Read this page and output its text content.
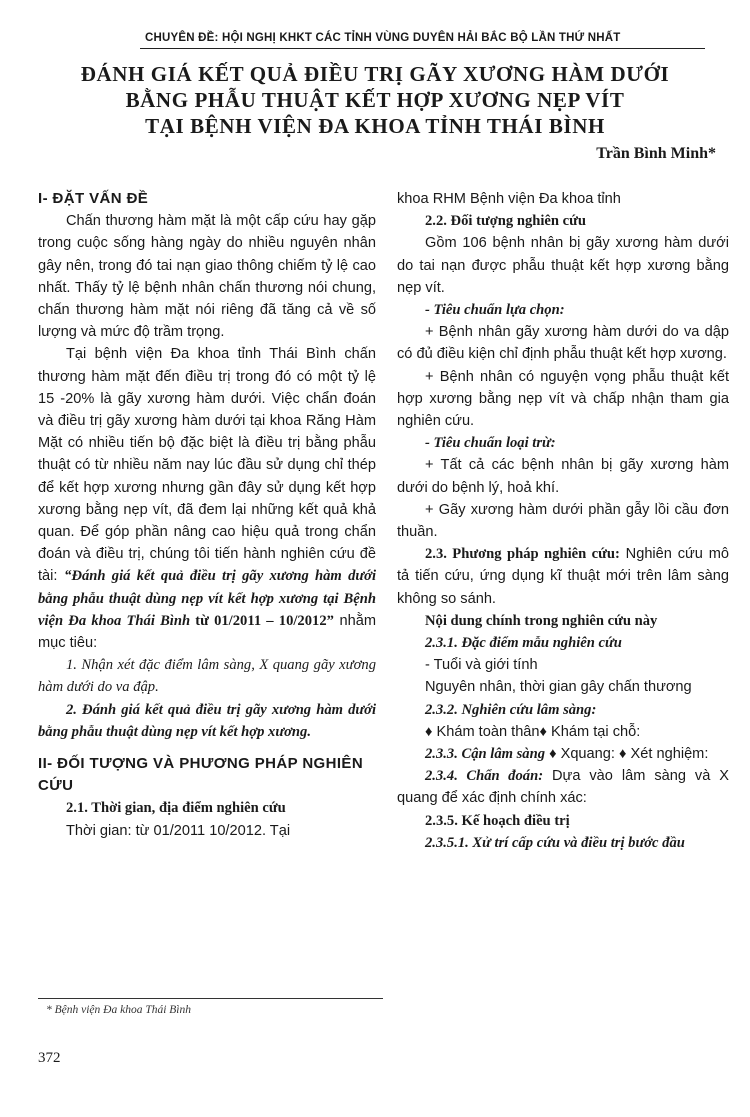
CHUYÊN ĐỀ: HỘI NGHỊ KHKT CÁC TỈNH VÙNG DUYÊN HẢI BẮC BỘ LẦN THỨ NHẤT
ĐÁNH GIÁ KẾT QUẢ ĐIỀU TRỊ GÃY XƯƠNG HÀM DƯỚI
BẰNG PHẪU THUẬT KẾT HỢP XƯƠNG NẸP VÍT
TẠI BỆNH VIỆN ĐA KHOA TỈNH THÁI BÌNH
Trần Bình Minh*
I- ĐẶT VẤN ĐỀ
Chấn thương hàm mặt là một cấp cứu hay gặp trong cuộc sống hàng ngày do nhiều nguyên nhân gây nên, trong đó tai nạn giao thông chiếm tỷ lệ cao nhất. Thấy tỷ lệ bệnh nhân chấn thương nói chung, chấn thương hàm mặt nói riêng đã tăng cả về số lượng và mức độ trầm trọng.
Tại bệnh viện Đa khoa tỉnh Thái Bình chấn thương hàm mặt đến điều trị trong đó có một tỷ lệ 15 -20% là gãy xương hàm dưới. Việc chẩn đoán và điều trị gãy xương hàm dưới tại khoa Răng Hàm Mặt có nhiều tiến bộ đặc biệt là điều trị bằng phẫu thuật có từ nhiều năm nay lúc đầu sử dụng chỉ thép để kết hợp xương nhưng gần đây sử dụng kết hợp xương bằng nẹp vít, đã đem lại những kết quả khả quan. Để góp phần nâng cao hiệu quả trong chẩn đoán và điều trị, chúng tôi tiến hành nghiên cứu đề tài: “Đánh giá kết quả điều trị gãy xương hàm dưới bằng phẫu thuật dùng nẹp vít kết hợp xương tại Bệnh viện Đa khoa Thái Bình từ 01/2011 – 10/2012” nhằm mục tiêu:
1. Nhận xét đặc điểm lâm sàng, X quang gãy xương hàm dưới do va đập.
2. Đánh giá kết quả điều trị gãy xương hàm dưới bằng phẫu thuật dùng nẹp vít kết hợp xương.
II- ĐỐI TƯỢNG VÀ PHƯƠNG PHÁP NGHIÊN CỨU
2.1. Thời gian, địa điểm nghiên cứu
Thời gian: từ 01/2011 10/2012. Tại
khoa RHM Bệnh viện Đa khoa tỉnh
2.2. Đối tượng nghiên cứu
Gồm 106 bệnh nhân bị gãy xương hàm dưới do tai nạn được phẫu thuật kết hợp xương bằng nẹp vít.
- Tiêu chuẩn lựa chọn:
+ Bệnh nhân gãy xương hàm dưới do va dập có đủ điều kiện chỉ định phẫu thuật kết hợp xương.
+ Bệnh nhân có nguyện vọng phẫu thuật kết hợp xương bằng nẹp vít và chấp nhận tham gia nghiên cứu.
- Tiêu chuẩn loại trừ:
+ Tất cả các bệnh nhân bị gãy xương hàm dưới do bệnh lý, hoả khí.
+ Gãy xương hàm dưới phần gẫy lồi cầu đơn thuần.
2.3. Phương pháp nghiên cứu: Nghiên cứu mô tả tiến cứu, ứng dụng kĩ thuật mới trên lâm sàng không so sánh.
Nội dung chính trong nghiên cứu này
2.3.1. Đặc điểm mẫu nghiên cứu
- Tuổi và giới tính
Nguyên nhân, thời gian gây chấn thương
2.3.2. Nghiên cứu lâm sàng:
♦ Khám toàn thân♦ Khám tại chỗ:
2.3.3. Cận lâm sàng ♦ Xquang: ♦ Xét nghiệm:
2.3.4. Chẩn đoán: Dựa vào lâm sàng và X quang để xác định chính xác:
2.3.5. Kế hoạch điều trị
2.3.5.1. Xử trí cấp cứu và điều trị bước đầu
* Bệnh viện Đa khoa Thái Bình
372
